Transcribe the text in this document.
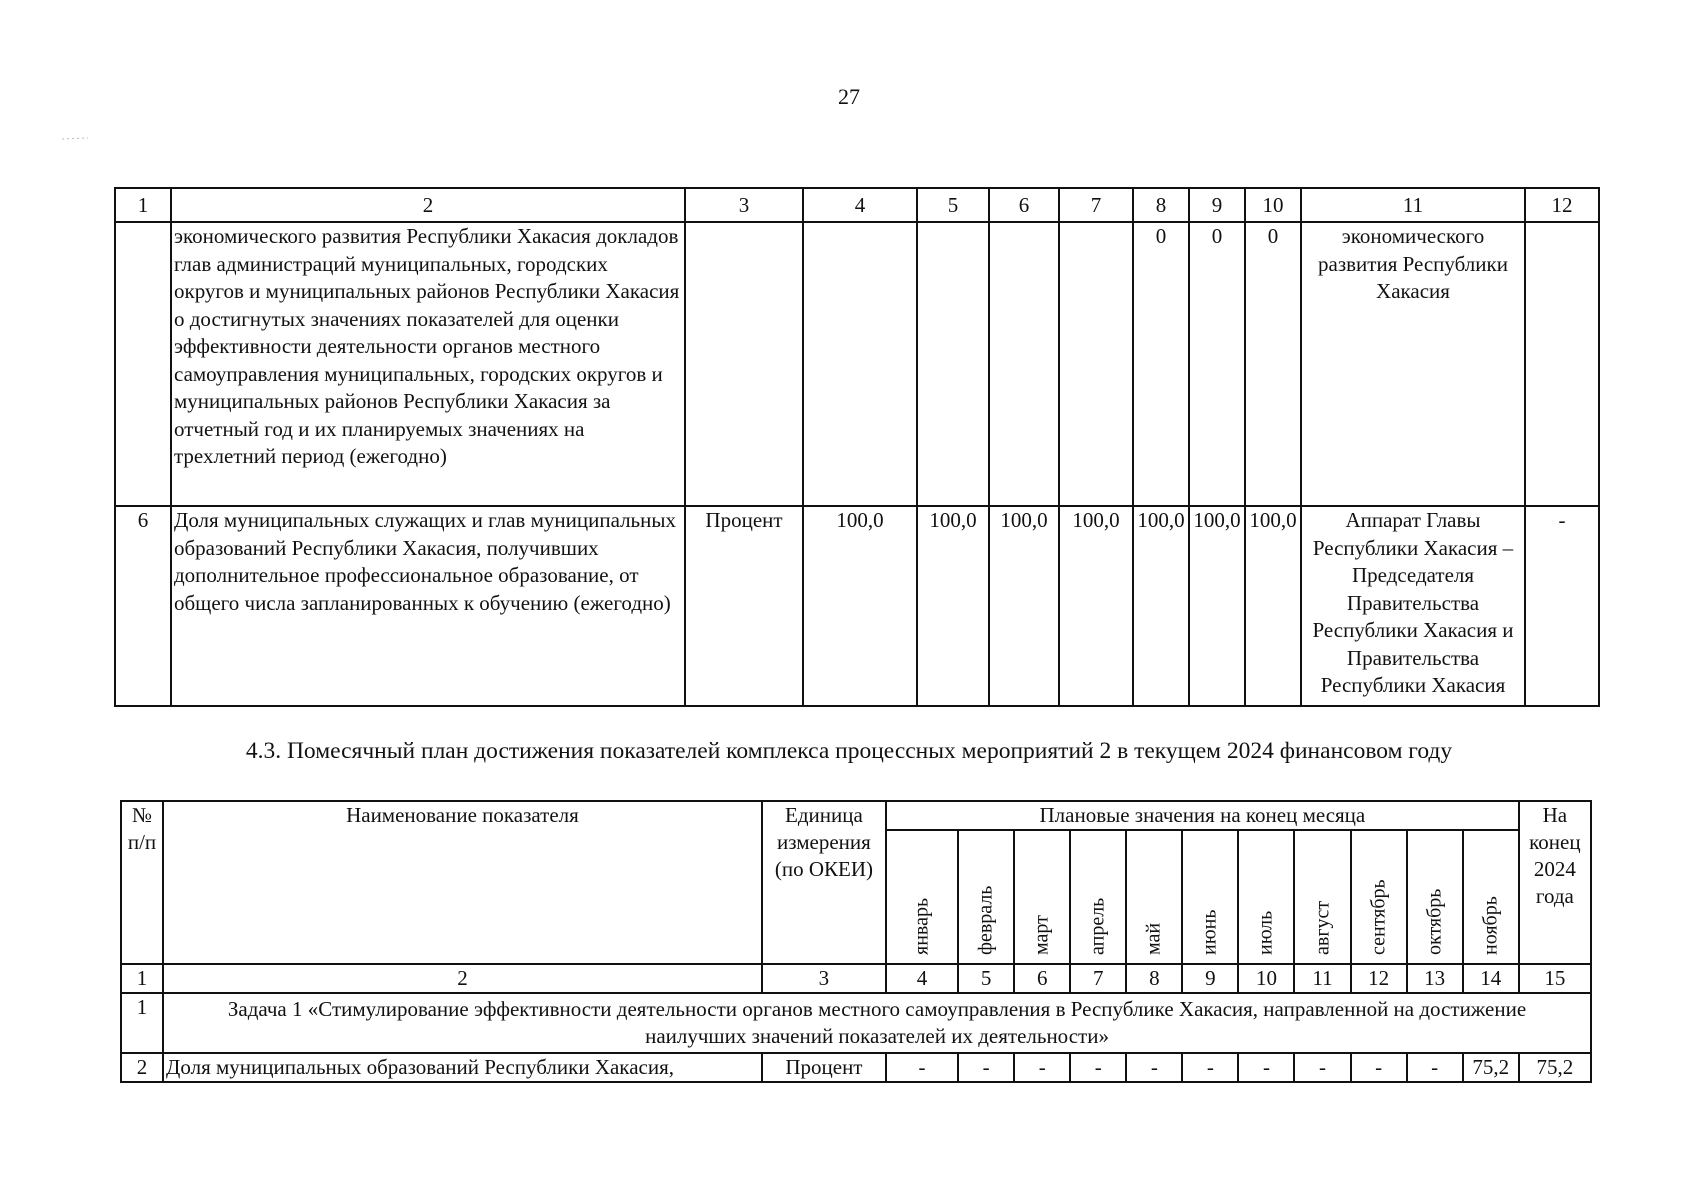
27
1	2	3	4	5	6	7	8	9	10	11	12
	экономического развития Республики Хакасия докладов глав администраций муниципальных, городских округов и муниципальных районов Республики Хакасия о достигнутых значениях показателей для оценки эффективности деятельности органов местного самоуправления муниципальных, городских округов и муниципальных районов Республики Хакасия за отчетный год и их планируемых значениях на трехлетний период (ежегодно)						0	0	0	экономического развития Республики Хакасия	
6	Доля муниципальных служащих и глав муниципальных образований Республики Хакасия, получивших дополнительное профессиональное образование, от общего числа запланированных к обучению (ежегодно)	Процент	100,0	100,0	100,0	100,0	100,0	100,0	100,0	Аппарат Главы Республики Хакасия – Председателя Правительства Республики Хакасия и Правительства Республики Хакасия	-
4.3. Помесячный план достижения показателей комплекса процессных мероприятий 2 в текущем 2024 финансовом году
№ п/п	Наименование показателя	Единица измерения (по ОКЕИ)	Плановые значения на конец месяца											На конец 2024 года

			январь	февраль	март	апрель	май	июнь	июль	август	сентябрь	октябрь	ноябрь	

1	2	3	4	5	6	7	8	9	10	11	12	13	14	15
1	Задача 1 «Стимулирование эффективности деятельности органов местного самоуправления в Республике Хакасия, направленной на достижение наилучших значений показателей их деятельности»													
2	Доля муниципальных образований Республики Хакасия,	Процент	-	-	-	-	-	-	-	-	-	-	75,2	75,2
